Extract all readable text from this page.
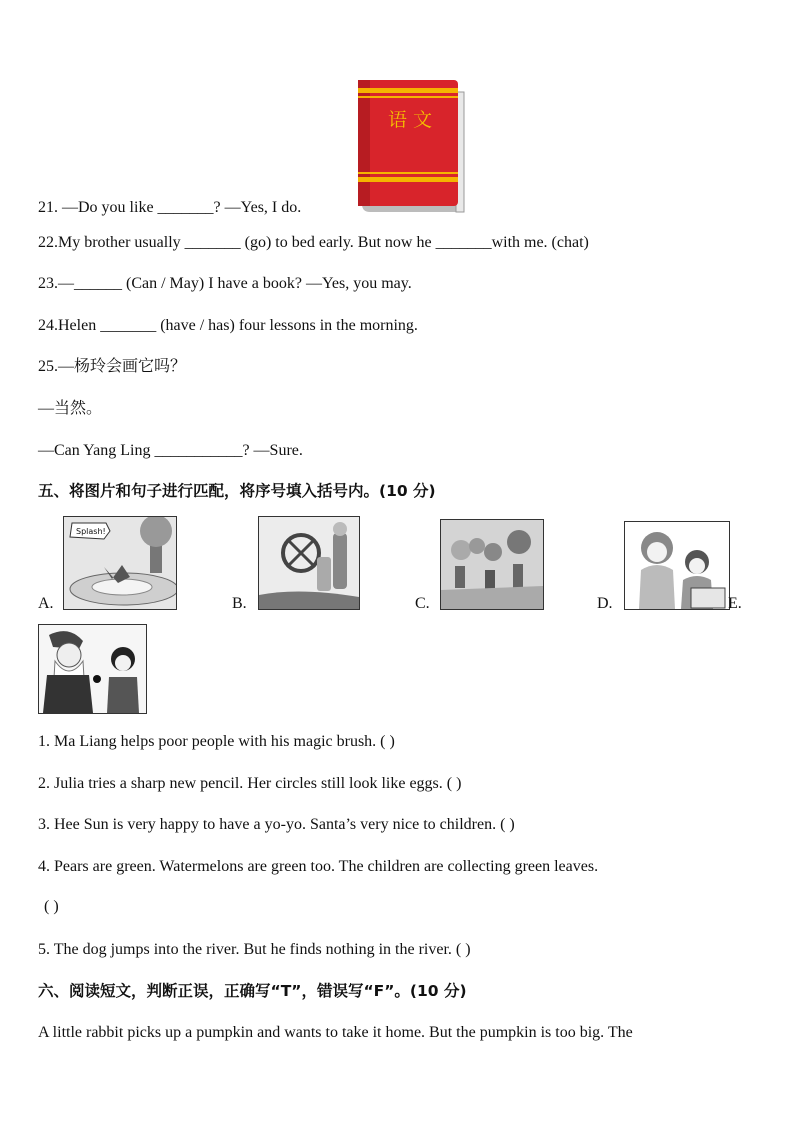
语 文
21. —Do you like _______? —Yes, I do.
22.My brother usually _______ (go) to bed early. But now he _______with me. (chat)
23.—______ (Can / May) I have a book? —Yes, you may.
24.Helen _______ (have / has) four lessons in the morning.
25.—杨玲会画它吗？
—当然。
—Can Yang Ling ___________? —Sure.
五、将图片和句子进行匹配，将序号填入括号内。(10 分)
A.
Splash!
B.	C.	D.	E.
1. Ma Liang helps poor people with his magic brush. ( )
2. Julia tries a sharp new pencil. Her circles still look like eggs. ( )
3. Hee Sun is very happy to have a yo-yo. Santa’s very nice to children. ( )
4. Pears are green. Watermelons are green too. The children are collecting green leaves.
( )
5. The dog jumps into the river. But he finds nothing in the river. ( )
六、阅读短文，判断正误，正确写“T”，错误写“F”。(10 分)
A little rabbit picks up a pumpkin and wants to take it home. But the pumpkin is too big. The
